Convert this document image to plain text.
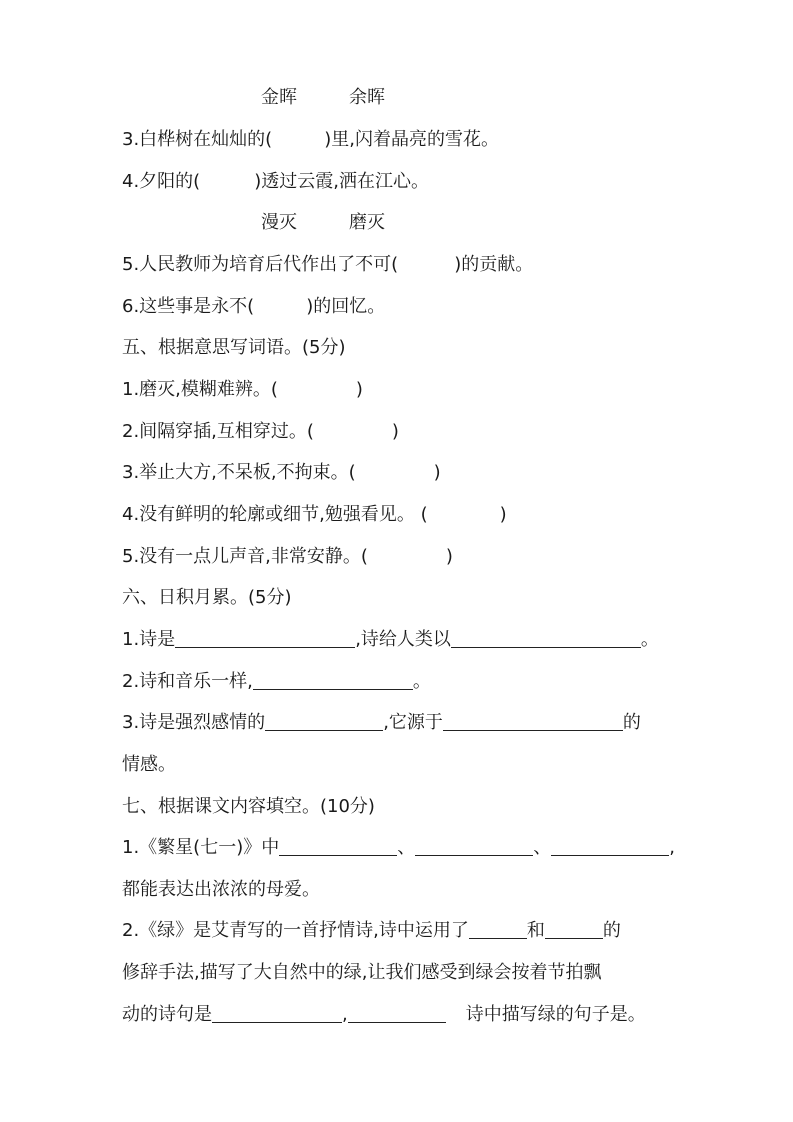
金晖	余晖
3.白桦树在灿灿的(	)里,闪着晶亮的雪花。
4.夕阳的(	)透过云霞,洒在江心。
漫灭	磨灭
5.人民教师为培育后代作出了不可(	)的贡献。
6.这些事是永不(	)的回忆。
五、根据意思写词语。(5分)
1.磨灭,模糊难辨。(	)
2.间隔穿插,互相穿过。(	)
3.举止大方,不呆板,不拘束。(	)
4.没有鲜明的轮廓或细节,勉强看见。 (	)
5.没有一点儿声音,非常安静。(	)
六、日积月累。(5分)
1.诗是	,诗给人类以	。
2.诗和音乐一样,	。
3.诗是强烈感情的	,它源于	的
情感。
七、根据课文内容填空。(10分)
1.《繁星(七一)》中	、	、	,
都能表达出浓浓的母爱。
2.《绿》是艾青写的一首抒情诗,诗中运用了	和	的
修辞手法,描写了大自然中的绿,让我们感受到绿会按着节拍飘
动的诗句是	,	诗中描写绿的句子是。
